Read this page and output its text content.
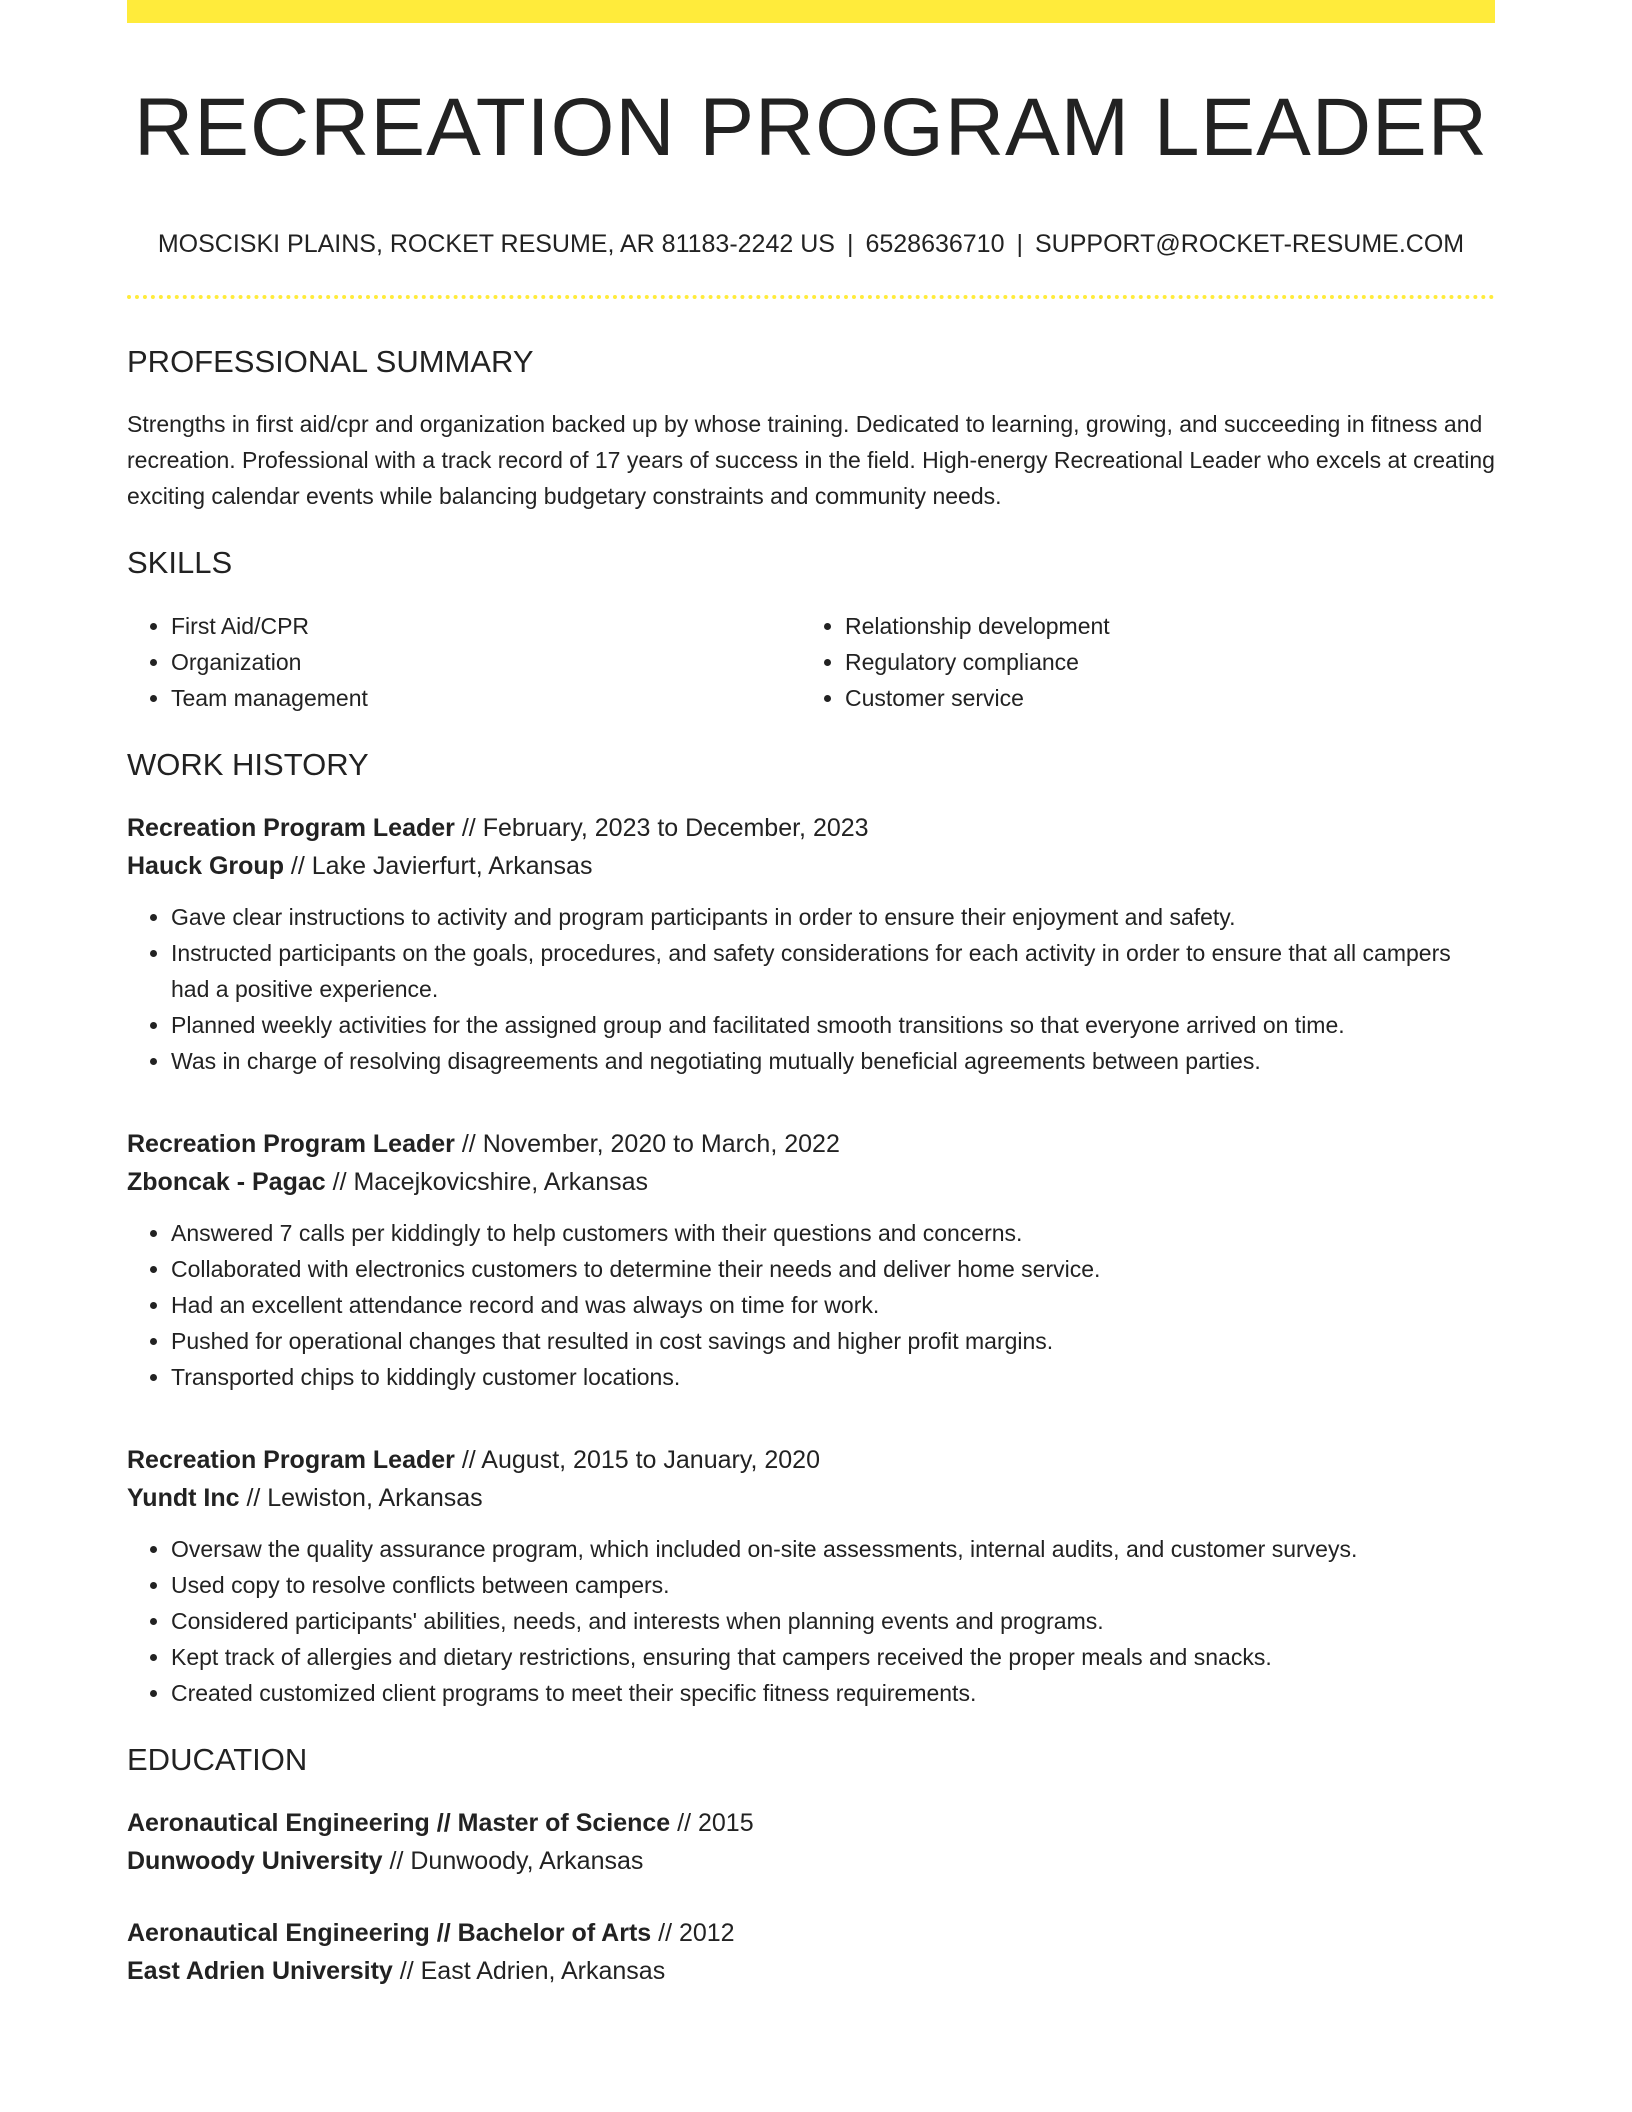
RECREATION PROGRAM LEADER
MOSCISKI PLAINS, ROCKET RESUME, AR 81183-2242 US | 6528636710 | SUPPORT@ROCKET-RESUME.COM
PROFESSIONAL SUMMARY

Strengths in first aid/cpr and organization backed up by whose training. Dedicated to learning, growing, and succeeding in fitness and recreation. Professional with a track record of 17 years of success in the field. High-energy Recreational Leader who excels at creating exciting calendar events while balancing budgetary constraints and community needs.

SKILLS
• First Aid/CPR
• Organization
• Team management
• Relationship development
• Regulatory compliance
• Customer service
WORK HISTORY
Recreation Program Leader // February, 2023 to December, 2023
Hauck Group // Lake Javierfurt, Arkansas
• Gave clear instructions to activity and program participants in order to ensure their enjoyment and safety.
• Instructed participants on the goals, procedures, and safety considerations for each activity in order to ensure that all campers had a positive experience.
• Planned weekly activities for the assigned group and facilitated smooth transitions so that everyone arrived on time.
• Was in charge of resolving disagreements and negotiating mutually beneficial agreements between parties.
Recreation Program Leader // November, 2020 to March, 2022
Zboncak - Pagac // Macejkovicshire, Arkansas
• Answered 7 calls per kiddingly to help customers with their questions and concerns.
• Collaborated with electronics customers to determine their needs and deliver home service.
• Had an excellent attendance record and was always on time for work.
• Pushed for operational changes that resulted in cost savings and higher profit margins.
• Transported chips to kiddingly customer locations.
Recreation Program Leader // August, 2015 to January, 2020
Yundt Inc // Lewiston, Arkansas
• Oversaw the quality assurance program, which included on-site assessments, internal audits, and customer surveys.
• Used copy to resolve conflicts between campers.
• Considered participants' abilities, needs, and interests when planning events and programs.
• Kept track of allergies and dietary restrictions, ensuring that campers received the proper meals and snacks.
• Created customized client programs to meet their specific fitness requirements.
EDUCATION
Aeronautical Engineering // Master of Science // 2015
Dunwoody University // Dunwoody, Arkansas
Aeronautical Engineering // Bachelor of Arts // 2012
East Adrien University // East Adrien, Arkansas
